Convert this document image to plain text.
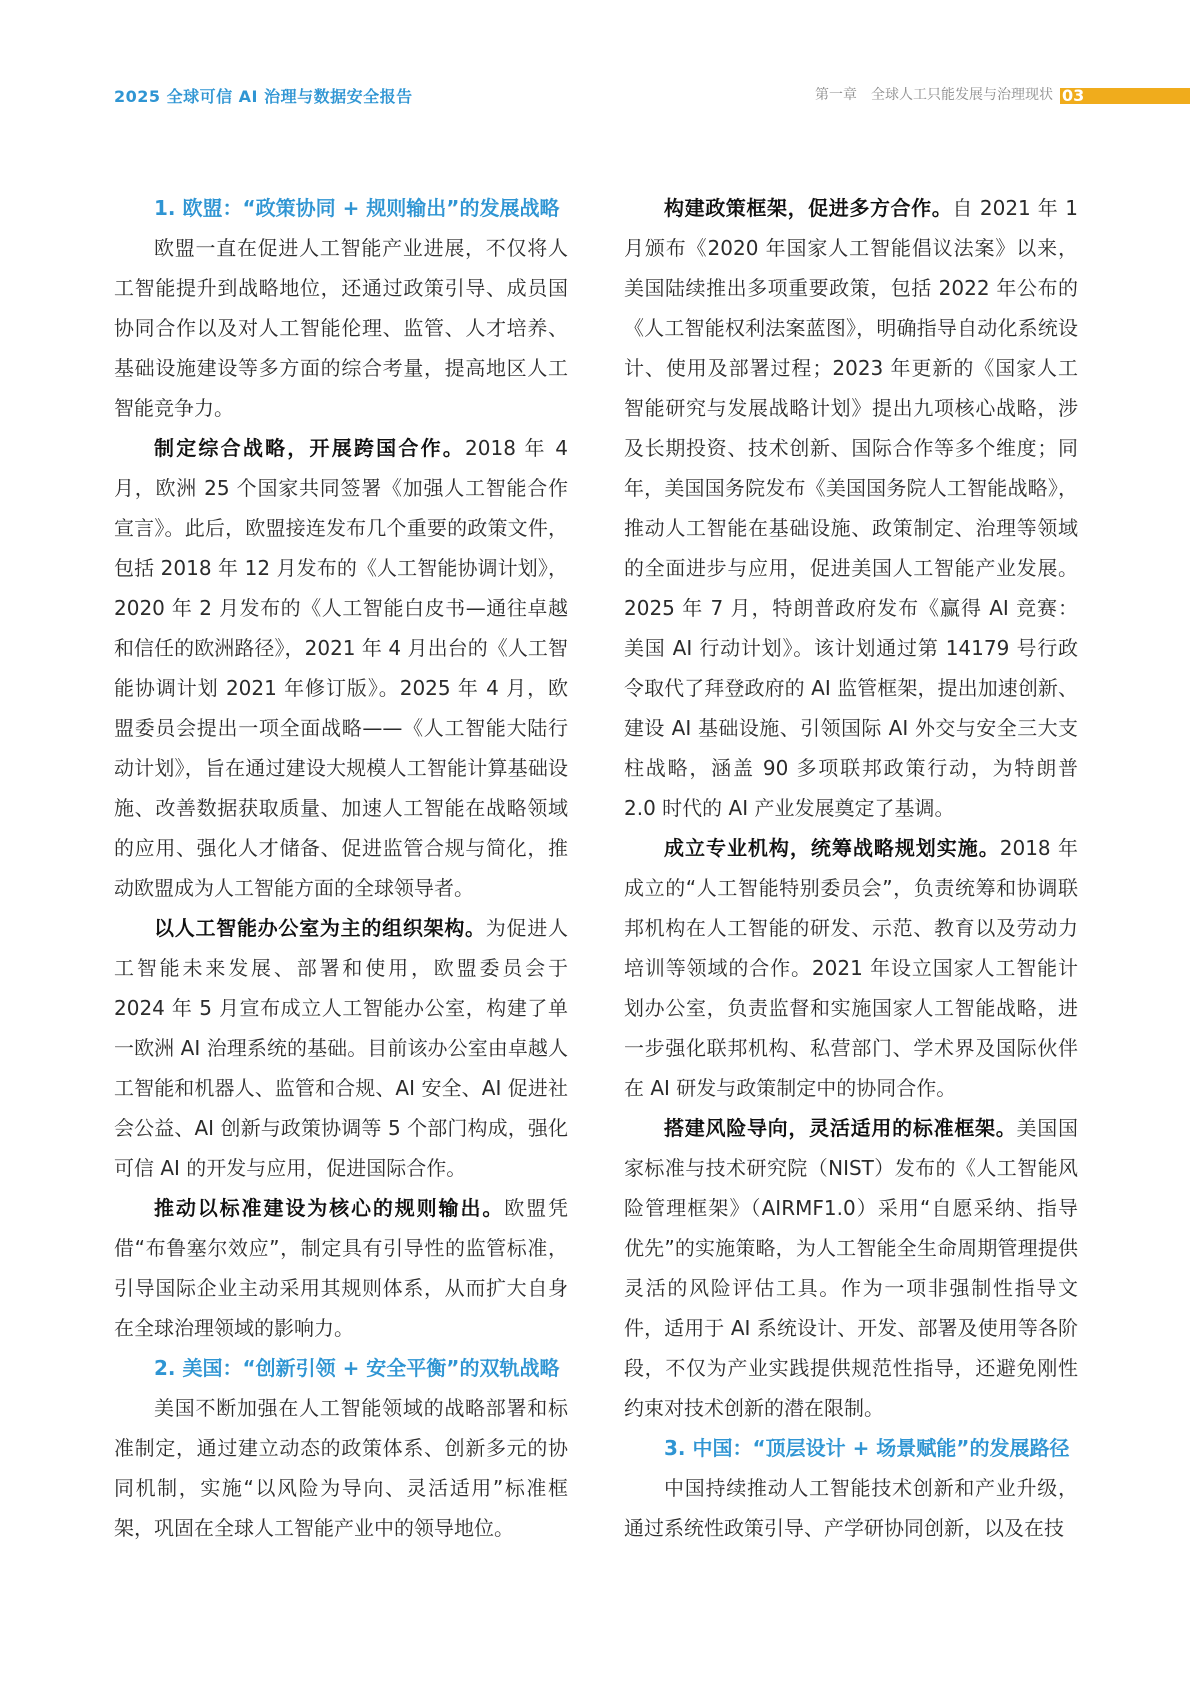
2025 全球可信 AI 治理与数据安全报告	第一章　全球人工只能发展与治理现状 03
1. 欧盟：“政策协同 + 规则输出”的发展战略

欧盟一直在促进人工智能产业进展，不仅将人工智能提升到战略地位，还通过政策引导、成员国协同合作以及对人工智能伦理、监管、人才培养、基础设施建设等多方面的综合考量，提高地区人工智能竞争力。

制定综合战略，开展跨国合作。2018 年 4 月，欧洲 25 个国家共同签署《加强人工智能合作宣言》。此后，欧盟接连发布几个重要的政策文件，包括 2018 年 12 月发布的《人工智能协调计划》，2020 年 2 月发布的《人工智能白皮书—通往卓越和信任的欧洲路径》，2021 年 4 月出台的《人工智能协调计划 2021 年修订版》。2025 年 4 月，欧盟委员会提出一项全面战略——《人工智能大陆行动计划》，旨在通过建设大规模人工智能计算基础设施、改善数据获取质量、加速人工智能在战略领域的应用、强化人才储备、促进监管合规与简化，推动欧盟成为人工智能方面的全球领导者。

以人工智能办公室为主的组织架构。为促进人工智能未来发展、部署和使用，欧盟委员会于 2024 年 5 月宣布成立人工智能办公室，构建了单一欧洲 AI 治理系统的基础。目前该办公室由卓越人工智能和机器人、监管和合规、AI 安全、AI 促进社会公益、AI 创新与政策协调等 5 个部门构成，强化可信 AI 的开发与应用，促进国际合作。

推动以标准建设为核心的规则输出。欧盟凭借“布鲁塞尔效应”，制定具有引导性的监管标准，引导国际企业主动采用其规则体系，从而扩大自身在全球治理领域的影响力。

2. 美国：“创新引领 + 安全平衡”的双轨战略

美国不断加强在人工智能领域的战略部署和标准制定，通过建立动态的政策体系、创新多元的协同机制，实施“以风险为导向、灵活适用”标准框架，巩固在全球人工智能产业中的领导地位。

构建政策框架，促进多方合作。自 2021 年 1 月颁布《2020 年国家人工智能倡议法案》以来，美国陆续推出多项重要政策，包括 2022 年公布的《人工智能权利法案蓝图》，明确指导自动化系统设计、使用及部署过程；2023 年更新的《国家人工智能研究与发展战略计划》提出九项核心战略，涉及长期投资、技术创新、国际合作等多个维度；同年，美国国务院发布《美国国务院人工智能战略》，推动人工智能在基础设施、政策制定、治理等领域的全面进步与应用，促进美国人工智能产业发展。2025 年 7 月，特朗普政府发布《赢得 AI 竞赛：美国 AI 行动计划》。该计划通过第 14179 号行政令取代了拜登政府的 AI 监管框架，提出加速创新、建设 AI 基础设施、引领国际 AI 外交与安全三大支柱战略，涵盖 90 多项联邦政策行动，为特朗普 2.0 时代的 AI 产业发展奠定了基调。

成立专业机构，统筹战略规划实施。2018 年成立的“人工智能特别委员会”，负责统筹和协调联邦机构在人工智能的研发、示范、教育以及劳动力培训等领域的合作。2021 年设立国家人工智能计划办公室，负责监督和实施国家人工智能战略，进一步强化联邦机构、私营部门、学术界及国际伙伴在 AI 研发与政策制定中的协同合作。

搭建风险导向，灵活适用的标准框架。美国国家标准与技术研究院（NIST）发布的《人工智能风险管理框架》（AIRMF1.0）采用“自愿采纳、指导优先”的实施策略，为人工智能全生命周期管理提供灵活的风险评估工具。作为一项非强制性指导文件，适用于 AI 系统设计、开发、部署及使用等各阶段，不仅为产业实践提供规范性指导，还避免刚性约束对技术创新的潜在限制。

3. 中国：“顶层设计 + 场景赋能”的发展路径

中国持续推动人工智能技术创新和产业升级，通过系统性政策引导、产学研协同创新，以及在技
